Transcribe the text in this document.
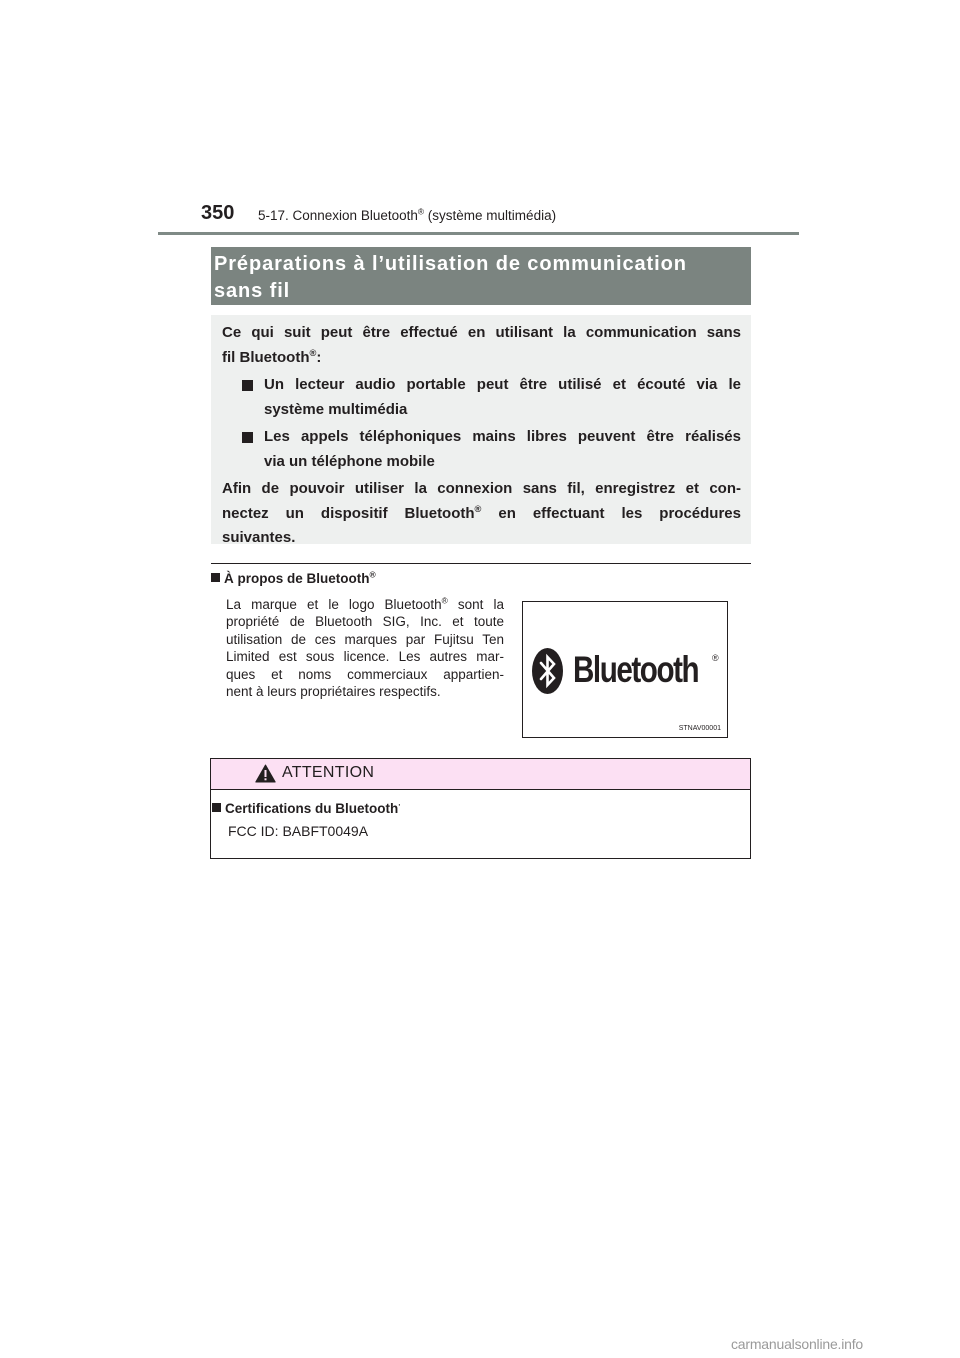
350 5-17. Connexion Bluetooth® (système multimédia)
Préparations à l’utilisation de communication
sans fil

Ce qui suit peut être effectué en utilisant la communication sans

fil Bluetooth®:

Un lecteur audio portable peut être utilisé et écouté via le

système multimédia

Les appels téléphoniques mains libres peuvent être réalisés

via un téléphone mobile

Afin de pouvoir utiliser la connexion sans fil, enregistrez et con-

nectez un dispositif Bluetooth® en effectuant les procédures

suivantes.

À propos de Bluetooth®
La marque et le logo Bluetooth® sont la
propriété de Bluetooth SIG, Inc. et toute
utilisation de ces marques par Fujitsu Ten
Limited est sous licence. Les autres mar-
ques et noms commerciaux appartien-
nent à leurs propriétaires respectifs.
Bluetooth ®
STNAV00001
ATTENTION
Certifications du Bluetooth·
FCC ID: BABFT0049A
carmanualsonline.info
